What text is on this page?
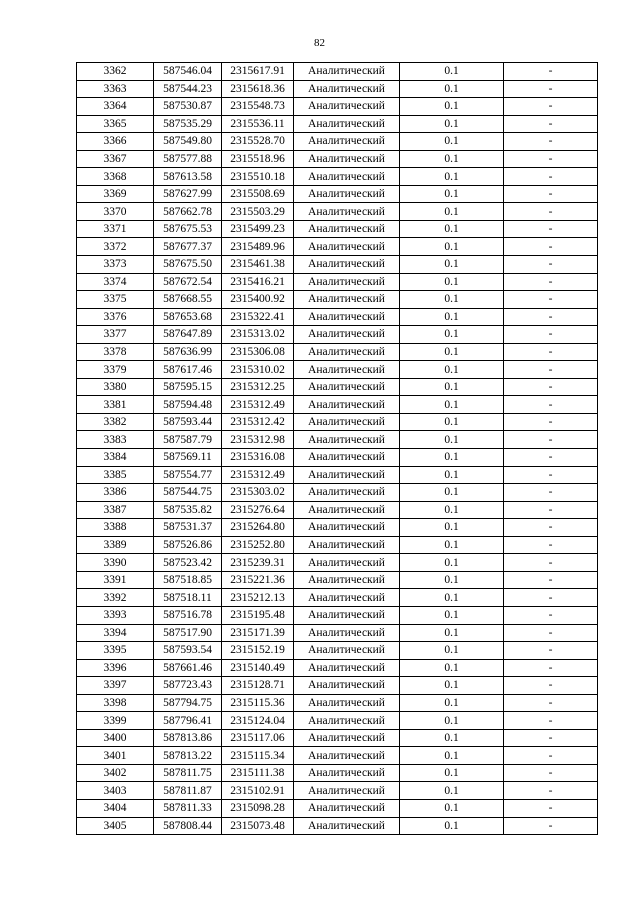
82
3362	587546.04	2315617.91	Аналитический	0.1	-
3363	587544.23	2315618.36	Аналитический	0.1	-
3364	587530.87	2315548.73	Аналитический	0.1	-
3365	587535.29	2315536.11	Аналитический	0.1	-
3366	587549.80	2315528.70	Аналитический	0.1	-
3367	587577.88	2315518.96	Аналитический	0.1	-
3368	587613.58	2315510.18	Аналитический	0.1	-
3369	587627.99	2315508.69	Аналитический	0.1	-
3370	587662.78	2315503.29	Аналитический	0.1	-
3371	587675.53	2315499.23	Аналитический	0.1	-
3372	587677.37	2315489.96	Аналитический	0.1	-
3373	587675.50	2315461.38	Аналитический	0.1	-
3374	587672.54	2315416.21	Аналитический	0.1	-
3375	587668.55	2315400.92	Аналитический	0.1	-
3376	587653.68	2315322.41	Аналитический	0.1	-
3377	587647.89	2315313.02	Аналитический	0.1	-
3378	587636.99	2315306.08	Аналитический	0.1	-
3379	587617.46	2315310.02	Аналитический	0.1	-
3380	587595.15	2315312.25	Аналитический	0.1	-
3381	587594.48	2315312.49	Аналитический	0.1	-
3382	587593.44	2315312.42	Аналитический	0.1	-
3383	587587.79	2315312.98	Аналитический	0.1	-
3384	587569.11	2315316.08	Аналитический	0.1	-
3385	587554.77	2315312.49	Аналитический	0.1	-
3386	587544.75	2315303.02	Аналитический	0.1	-
3387	587535.82	2315276.64	Аналитический	0.1	-
3388	587531.37	2315264.80	Аналитический	0.1	-
3389	587526.86	2315252.80	Аналитический	0.1	-
3390	587523.42	2315239.31	Аналитический	0.1	-
3391	587518.85	2315221.36	Аналитический	0.1	-
3392	587518.11	2315212.13	Аналитический	0.1	-
3393	587516.78	2315195.48	Аналитический	0.1	-
3394	587517.90	2315171.39	Аналитический	0.1	-
3395	587593.54	2315152.19	Аналитический	0.1	-
3396	587661.46	2315140.49	Аналитический	0.1	-
3397	587723.43	2315128.71	Аналитический	0.1	-
3398	587794.75	2315115.36	Аналитический	0.1	-
3399	587796.41	2315124.04	Аналитический	0.1	-
3400	587813.86	2315117.06	Аналитический	0.1	-
3401	587813.22	2315115.34	Аналитический	0.1	-
3402	587811.75	2315111.38	Аналитический	0.1	-
3403	587811.87	2315102.91	Аналитический	0.1	-
3404	587811.33	2315098.28	Аналитический	0.1	-
3405	587808.44	2315073.48	Аналитический	0.1	-
